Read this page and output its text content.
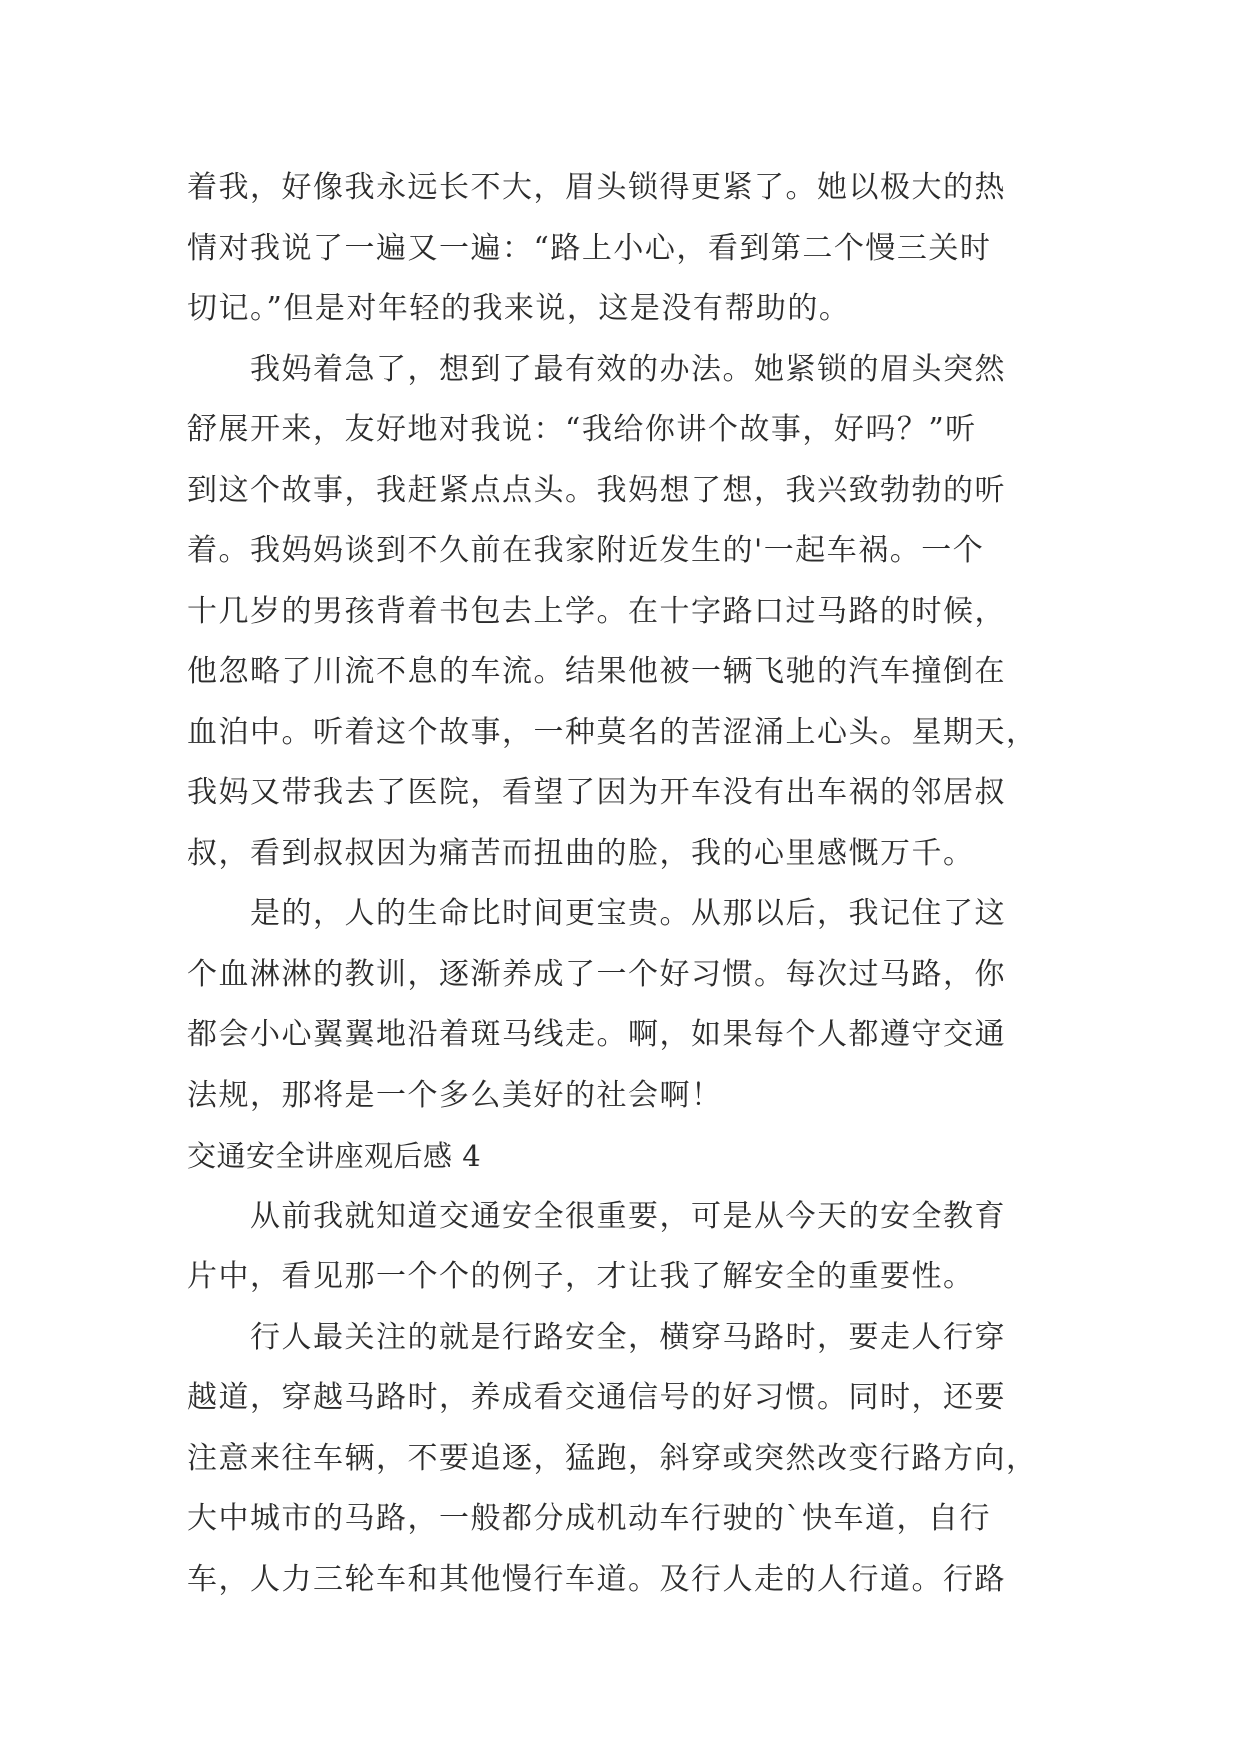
着我，好像我永远长不大，眉头锁得更紧了。她以极大的热
情对我说了一遍又一遍：“路上小心，看到第二个慢三关时
切记。”但是对年轻的我来说，这是没有帮助的。
我妈着急了，想到了最有效的办法。她紧锁的眉头突然
舒展开来，友好地对我说：“我给你讲个故事，好吗？”听
到这个故事，我赶紧点点头。我妈想了想，我兴致勃勃的听
着。我妈妈谈到不久前在我家附近发生的'一起车祸。一个
十几岁的男孩背着书包去上学。在十字路口过马路的时候，
他忽略了川流不息的车流。结果他被一辆飞驰的汽车撞倒在
血泊中。听着这个故事，一种莫名的苦涩涌上心头。星期天，
我妈又带我去了医院，看望了因为开车没有出车祸的邻居叔
叔，看到叔叔因为痛苦而扭曲的脸，我的心里感慨万千。
是的，人的生命比时间更宝贵。从那以后，我记住了这
个血淋淋的教训，逐渐养成了一个好习惯。每次过马路，你
都会小心翼翼地沿着斑马线走。啊，如果每个人都遵守交通
法规，那将是一个多么美好的社会啊！
交通安全讲座观后感 4
从前我就知道交通安全很重要，可是从今天的安全教育
片中，看见那一个个的例子，才让我了解安全的重要性。
行人最关注的就是行路安全，横穿马路时，要走人行穿
越道，穿越马路时，养成看交通信号的好习惯。同时，还要
注意来往车辆，不要追逐，猛跑，斜穿或突然改变行路方向，
大中城市的马路，一般都分成机动车行驶的`快车道，自行
车，人力三轮车和其他慢行车道。及行人走的人行道。行路
